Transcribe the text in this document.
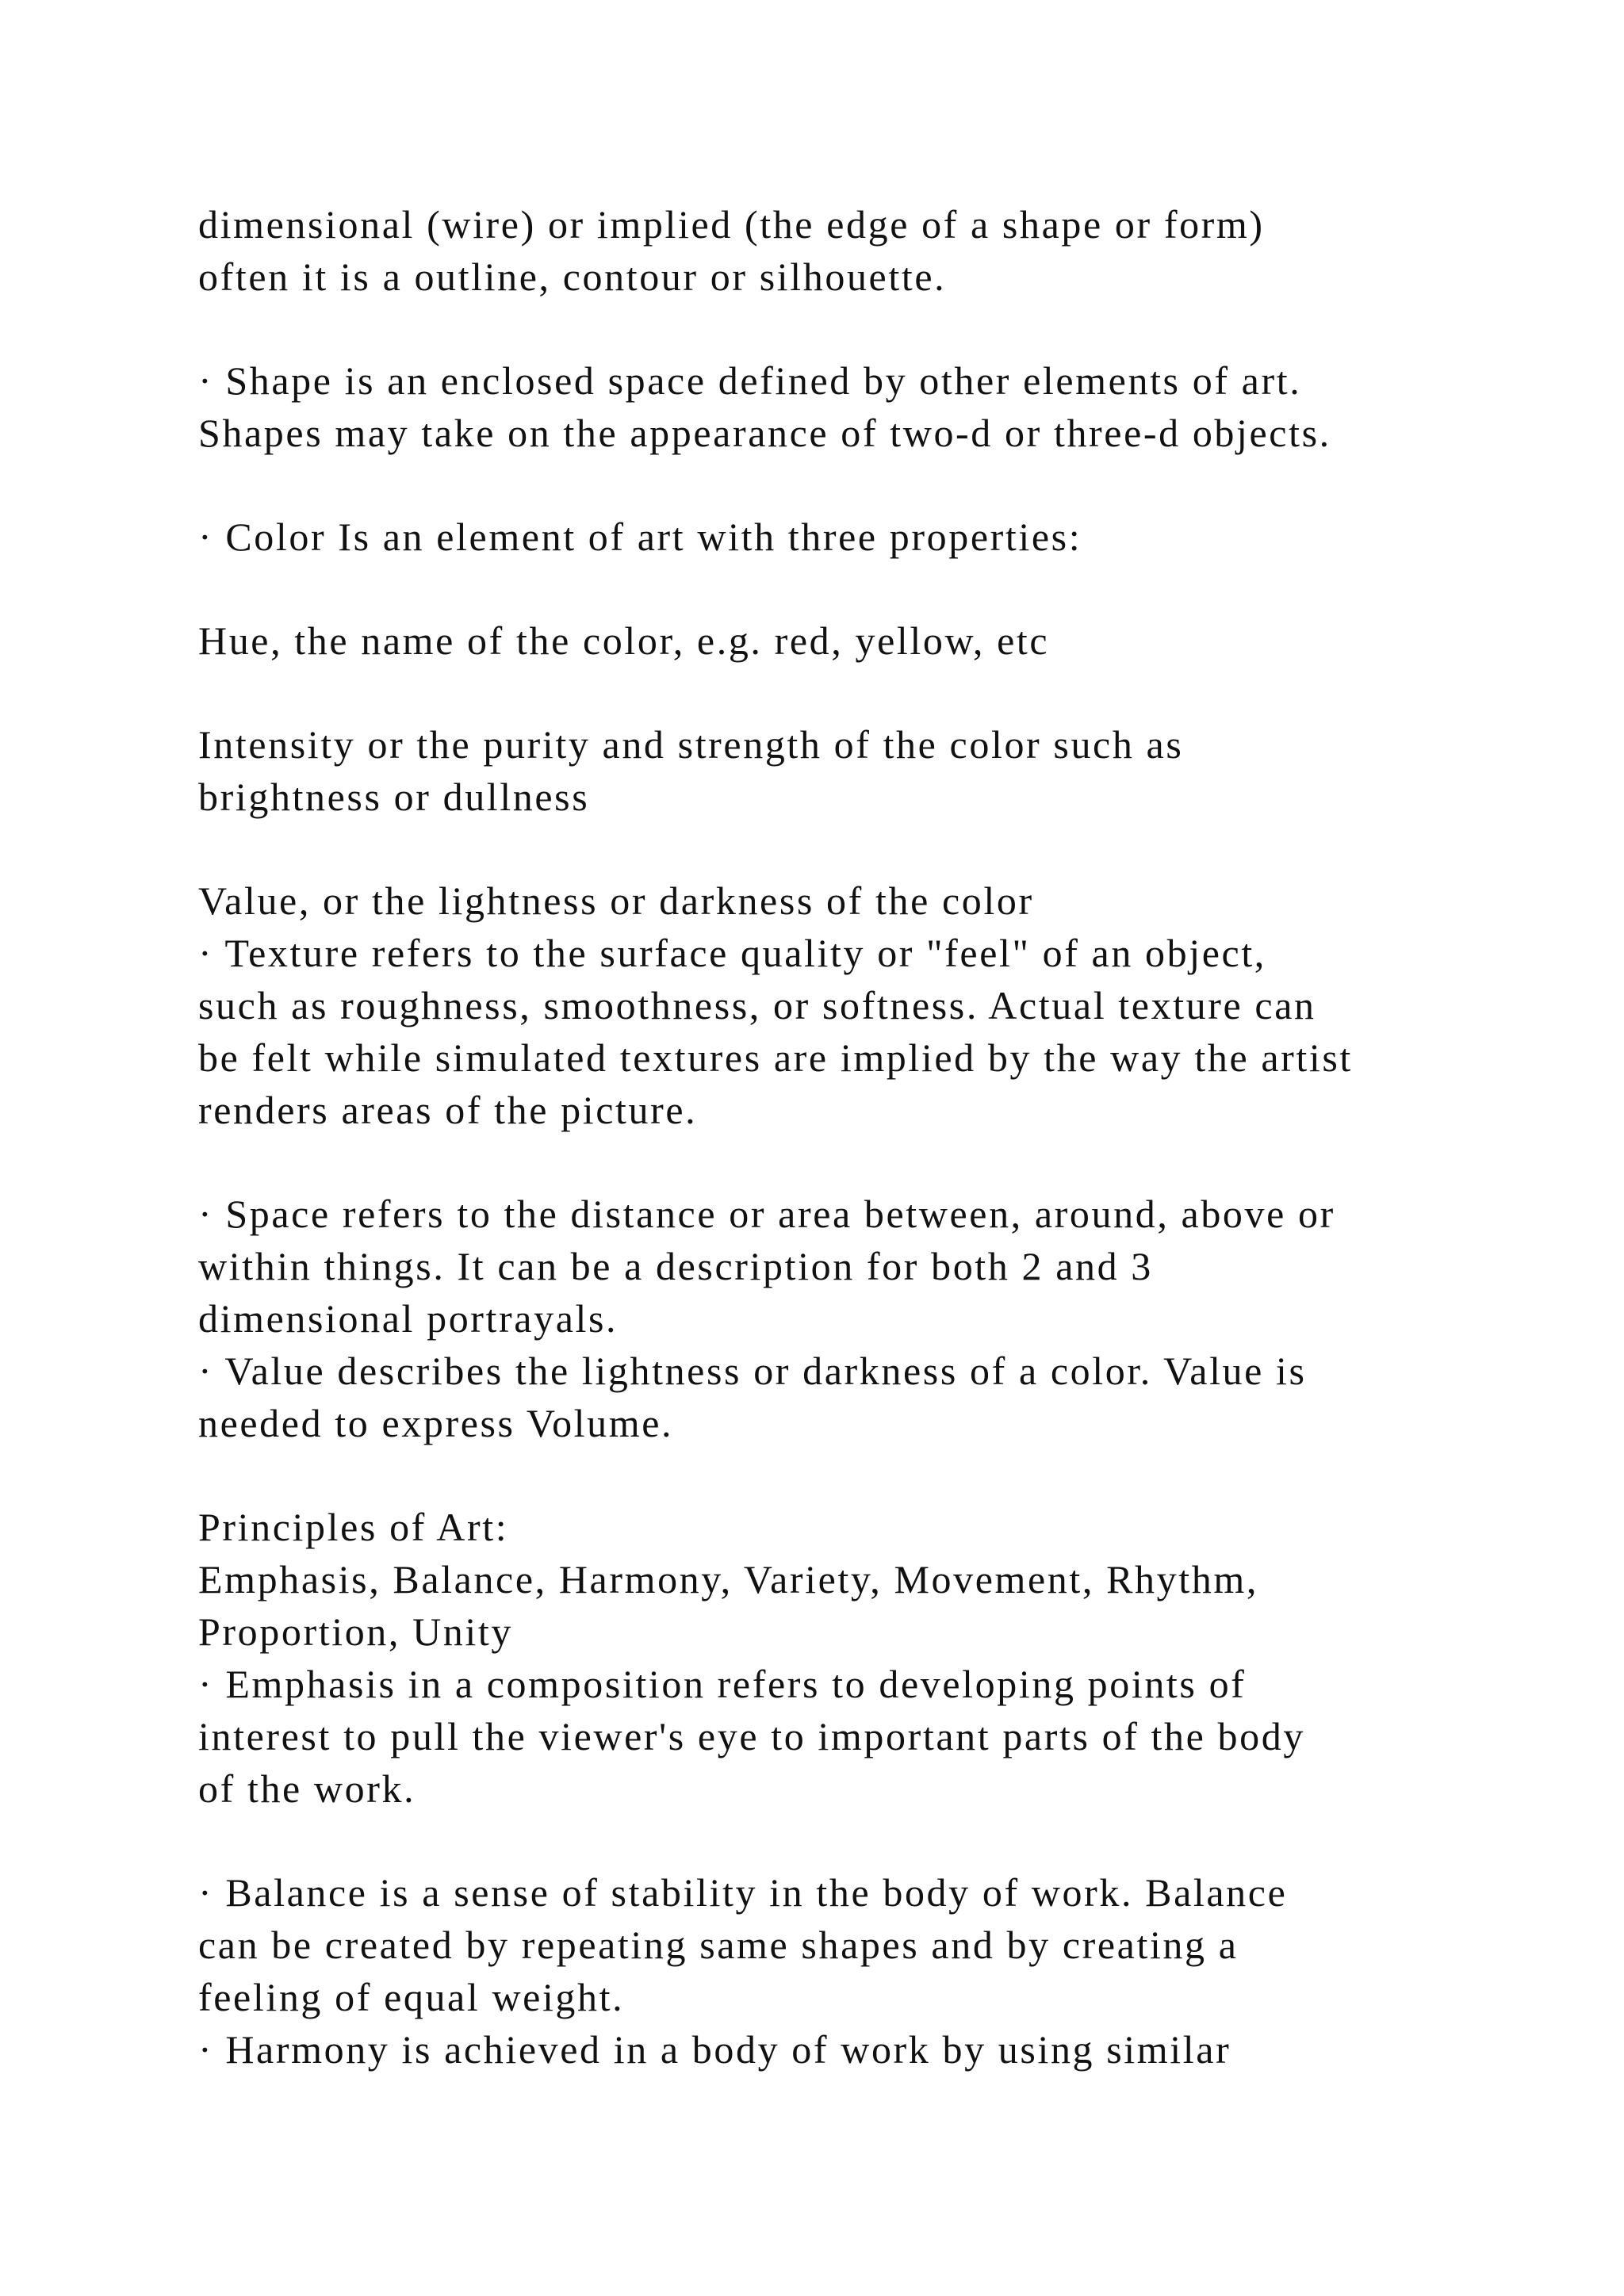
dimensional (wire) or implied (the edge of a shape or form)
often it is a outline, contour or silhouette.
· Shape is an enclosed space defined by other elements of art.
Shapes may take on the appearance of two-d or three-d objects.
· Color Is an element of art with three properties:
Hue, the name of the color, e.g. red, yellow, etc
Intensity or the purity and strength of the color such as
brightness or dullness
Value, or the lightness or darkness of the color
· Texture refers to the surface quality or "feel" of an object,
such as roughness, smoothness, or softness. Actual texture can
be felt while simulated textures are implied by the way the artist
renders areas of the picture.
· Space refers to the distance or area between, around, above or
within things. It can be a description for both 2 and 3
dimensional portrayals.
· Value describes the lightness or darkness of a color. Value is
needed to express Volume.
Principles of Art:
Emphasis, Balance, Harmony, Variety, Movement, Rhythm,
Proportion, Unity
· Emphasis in a composition refers to developing points of
interest to pull the viewer's eye to important parts of the body
of the work.
· Balance is a sense of stability in the body of work. Balance
can be created by repeating same shapes and by creating a
feeling of equal weight.
· Harmony is achieved in a body of work by using similar
